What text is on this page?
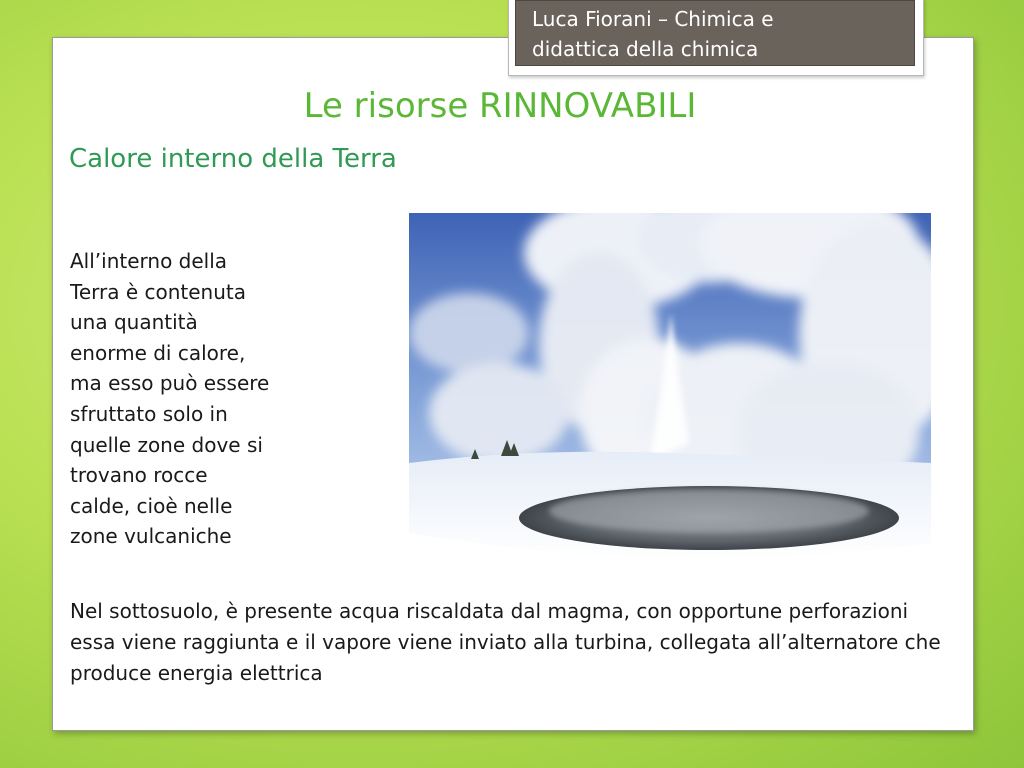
Luca Fiorani – Chimica e
didattica della chimica
Le risorse RINNOVABILI
Calore interno della Terra
All’interno della
Terra è contenuta
una quantità
enorme di calore,
ma esso può essere
sfruttato solo in
quelle zone dove si
trovano rocce
calde, cioè nelle
zone vulcaniche
Nel sottosuolo, è presente acqua riscaldata dal magma, con opportune perforazioni essa viene raggiunta e il vapore viene inviato alla turbina, collegata all’alternatore che produce energia elettrica
